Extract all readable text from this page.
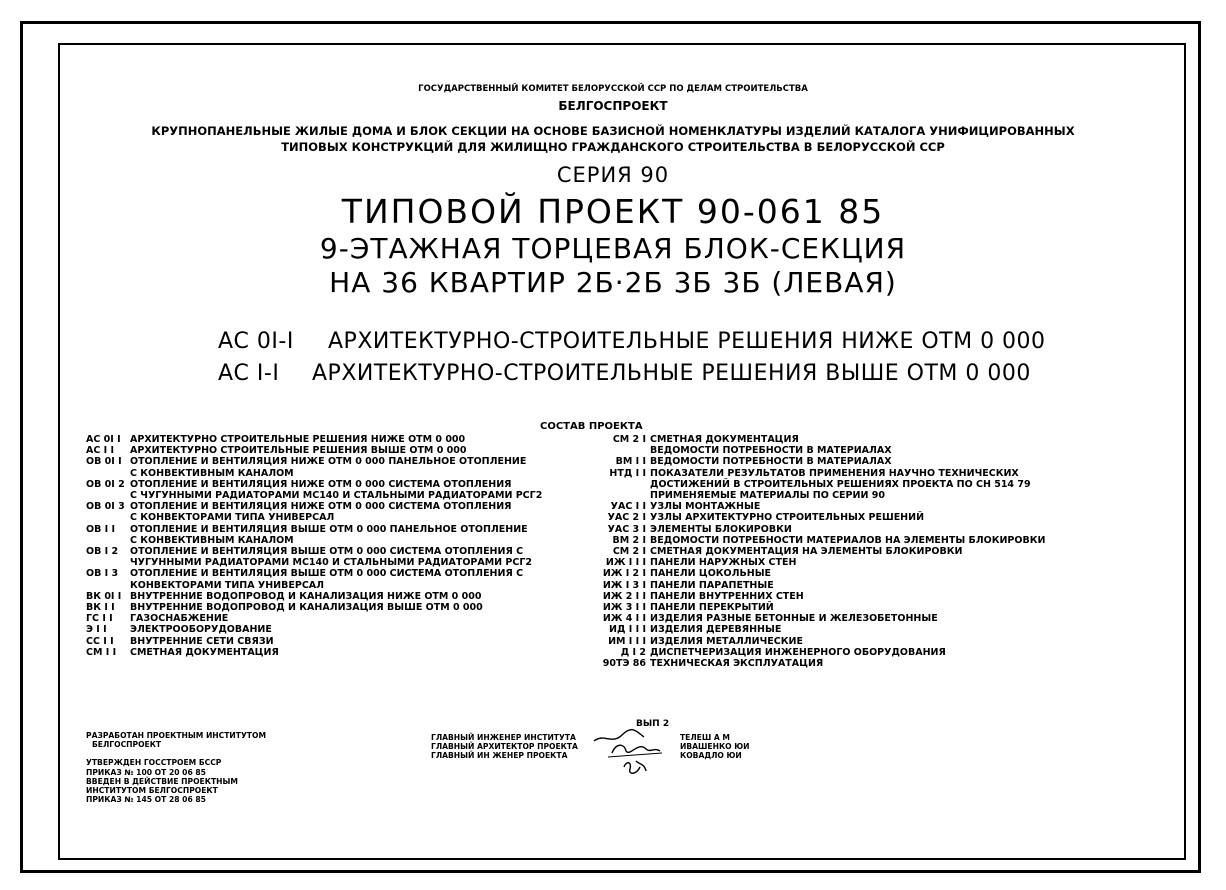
ГОСУДАРСТВЕННЫЙ КОМИТЕТ БЕЛОРУССКОЙ ССР ПО ДЕЛАМ СТРОИТЕЛЬСТВА
БЕЛГОСПРОЕКТ
КРУПНОПАНЕЛЬНЫЕ ЖИЛЫЕ ДОМА И БЛОК СЕКЦИИ НА ОСНОВЕ БАЗИСНОЙ НОМЕНКЛАТУРЫ ИЗДЕЛИЙ КАТАЛОГА УНИФИЦИРОВАННЫХ
ТИПОВЫХ КОНСТРУКЦИЙ ДЛЯ ЖИЛИЩНО ГРАЖДАНСКОГО СТРОИТЕЛЬСТВА В БЕЛОРУССКОЙ ССР
СЕРИЯ 90
ТИПОВОЙ ПРОЕКТ 90-061 85
9-ЭТАЖНАЯ ТОРЦЕВАЯ БЛОК-СЕКЦИЯ
НА 36 КВАРТИР 2Б·2Б 3Б 3Б (ЛЕВАЯ)
АС 0І-І АРХИТЕКТУРНО-СТРОИТЕЛЬНЫЕ РЕШЕНИЯ НИЖЕ ОТМ 0 000
АС І-І АРХИТЕКТУРНО-СТРОИТЕЛЬНЫЕ РЕШЕНИЯ ВЫШЕ ОТМ 0 000
СОСТАВ ПРОЕКТА
АС 0І І АРХИТЕКТУРНО СТРОИТЕЛЬНЫЕ РЕШЕНИЯ НИЖЕ ОТМ 0 000
АС І І АРХИТЕКТУРНО СТРОИТЕЛЬНЫЕ РЕШЕНИЯ ВЫШЕ ОТМ 0 000
ОВ 0І І ОТОПЛЕНИЕ И ВЕНТИЛЯЦИЯ НИЖЕ ОТМ 0 000 ПАНЕЛЬНОЕ ОТОПЛЕНИЕ
С КОНВЕКТИВНЫМ КАНАЛОМ
ОВ 0І 2 ОТОПЛЕНИЕ И ВЕНТИЛЯЦИЯ НИЖЕ ОТМ 0 000 СИСТЕМА ОТОПЛЕНИЯ
С ЧУГУННЫМИ РАДИАТОРАМИ МС140 И СТАЛЬНЫМИ РАДИАТОРАМИ РСГ2
ОВ 0І 3 ОТОПЛЕНИЕ И ВЕНТИЛЯЦИЯ НИЖЕ ОТМ 0 000 СИСТЕМА ОТОПЛЕНИЯ
С КОНВЕКТОРАМИ ТИПА УНИВЕРСАЛ
ОВ І І ОТОПЛЕНИЕ И ВЕНТИЛЯЦИЯ ВЫШЕ ОТМ 0 000 ПАНЕЛЬНОЕ ОТОПЛЕНИЕ
С КОНВЕКТИВНЫМ КАНАЛОМ
ОВ І 2 ОТОПЛЕНИЕ И ВЕНТИЛЯЦИЯ ВЫШЕ ОТМ 0 000 СИСТЕМА ОТОПЛЕНИЯ С
ЧУГУННЫМИ РАДИАТОРАМИ МС140 И СТАЛЬНЫМИ РАДИАТОРАМИ РСГ2
ОВ І 3 ОТОПЛЕНИЕ И ВЕНТИЛЯЦИЯ ВЫШЕ ОТМ 0 000 СИСТЕМА ОТОПЛЕНИЯ С
КОНВЕКТОРАМИ ТИПА УНИВЕРСАЛ
ВК 0І І ВНУТРЕННИЕ ВОДОПРОВОД И КАНАЛИЗАЦИЯ НИЖЕ ОТМ 0 000
ВК І І ВНУТРЕННИЕ ВОДОПРОВОД И КАНАЛИЗАЦИЯ ВЫШЕ ОТМ 0 000
ГС І І ГАЗОСНАБЖЕНИЕ
Э І І ЭЛЕКТРООБОРУДОВАНИЕ
СС І І ВНУТРЕННИЕ СЕТИ СВЯЗИ
СМ І І СМЕТНАЯ ДОКУМЕНТАЦИЯ
СМ 2 І СМЕТНАЯ ДОКУМЕНТАЦИЯ
ВЕДОМОСТИ ПОТРЕБНОСТИ В МАТЕРИАЛАХ
ВМ І І ВЕДОМОСТИ ПОТРЕБНОСТИ В МАТЕРИАЛАХ
НТД І І ПОКАЗАТЕЛИ РЕЗУЛЬТАТОВ ПРИМЕНЕНИЯ НАУЧНО ТЕХНИЧЕСКИХ
ДОСТИЖЕНИЙ В СТРОИТЕЛЬНЫХ РЕШЕНИЯХ ПРОЕКТА ПО СН 514 79
ПРИМЕНЯЕМЫЕ МАТЕРИАЛЫ ПО СЕРИИ 90
УАС І І УЗЛЫ МОНТАЖНЫЕ
УАС 2 І УЗЛЫ АРХИТЕКТУРНО СТРОИТЕЛЬНЫХ РЕШЕНИЙ
УАС 3 І ЭЛЕМЕНТЫ БЛОКИРОВКИ
ВМ 2 І ВЕДОМОСТИ ПОТРЕБНОСТИ МАТЕРИАЛОВ НА ЭЛЕМЕНТЫ БЛОКИРОВКИ
СМ 2 І СМЕТНАЯ ДОКУМЕНТАЦИЯ НА ЭЛЕМЕНТЫ БЛОКИРОВКИ
ИЖ І І І ПАНЕЛИ НАРУЖНЫХ СТЕН
ИЖ І 2 І ПАНЕЛИ ЦОКОЛЬНЫЕ
ИЖ І 3 І ПАНЕЛИ ПАРАПЕТНЫЕ
ИЖ 2 І І ПАНЕЛИ ВНУТРЕННИХ СТЕН
ИЖ 3 І І ПАНЕЛИ ПЕРЕКРЫТИЙ
ИЖ 4 І І ИЗДЕЛИЯ РАЗНЫЕ БЕТОННЫЕ И ЖЕЛЕЗОБЕТОННЫЕ
ИД І І І ИЗДЕЛИЯ ДЕРЕВЯННЫЕ
ИМ І І І ИЗДЕЛИЯ МЕТАЛЛИЧЕСКИЕ
Д І 2 ДИСПЕТЧЕРИЗАЦИЯ ИНЖЕНЕРНОГО ОБОРУДОВАНИЯ
90ТЭ 86 ТЕХНИЧЕСКАЯ ЭКСПЛУАТАЦИЯ
ВЫП 2
РАЗРАБОТАН ПРОЕКТНЫМ ИНСТИТУТОМ
БЕЛГОСПРОЕКТ
УТВЕРЖДЕН ГОССТРОЕМ БССР
ПРИКАЗ № 100 ОТ 20 06 85
ВВЕДЕН В ДЕЙСТВИЕ ПРОЕКТНЫМ
ИНСТИТУТОМ БЕЛГОСПРОЕКТ
ПРИКАЗ № 145 ОТ 28 06 85
ГЛАВНЫЙ ИНЖЕНЕР ИНСТИТУТА
ГЛАВНЫЙ АРХИТЕКТОР ПРОЕКТА
ГЛАВНЫЙ ИН ЖЕНЕР ПРОЕКТА
ТЕЛЕШ А М
ИВАШЕНКО ЮИ
КОВАДЛО ЮИ
